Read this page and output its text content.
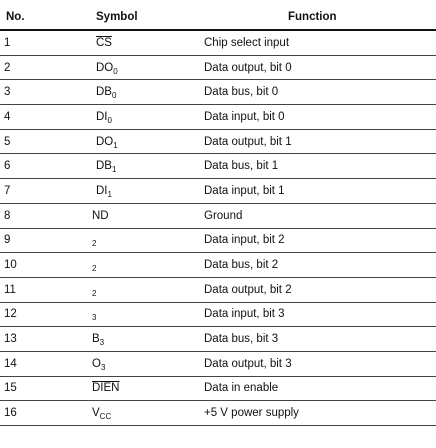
No.	Symbol	Function
1	$\overline{CS}$	Chip select input
2	$DO_0$	Data output, bit 0
3	$DB_0$	Data bus, bit 0
4	$DI_0$	Data input, bit 0
5	$DO_1$	Data output, bit 1
6	$DB_1$	Data bus, bit 1
7	$DI_1$	Data input, bit 1
8	ND	Ground
9	$_2$	Data input, bit 2
10	$_2$	Data bus, bit 2
11	$_2$	Data output, bit 2
12	$_3$	Data input, bit 3
13	$B_3$	Data bus, bit 3
14	$O_3$	Data output, bit 3
15	DIEN	Data in enable
16	$V_{CC}$	+5 V power supply
